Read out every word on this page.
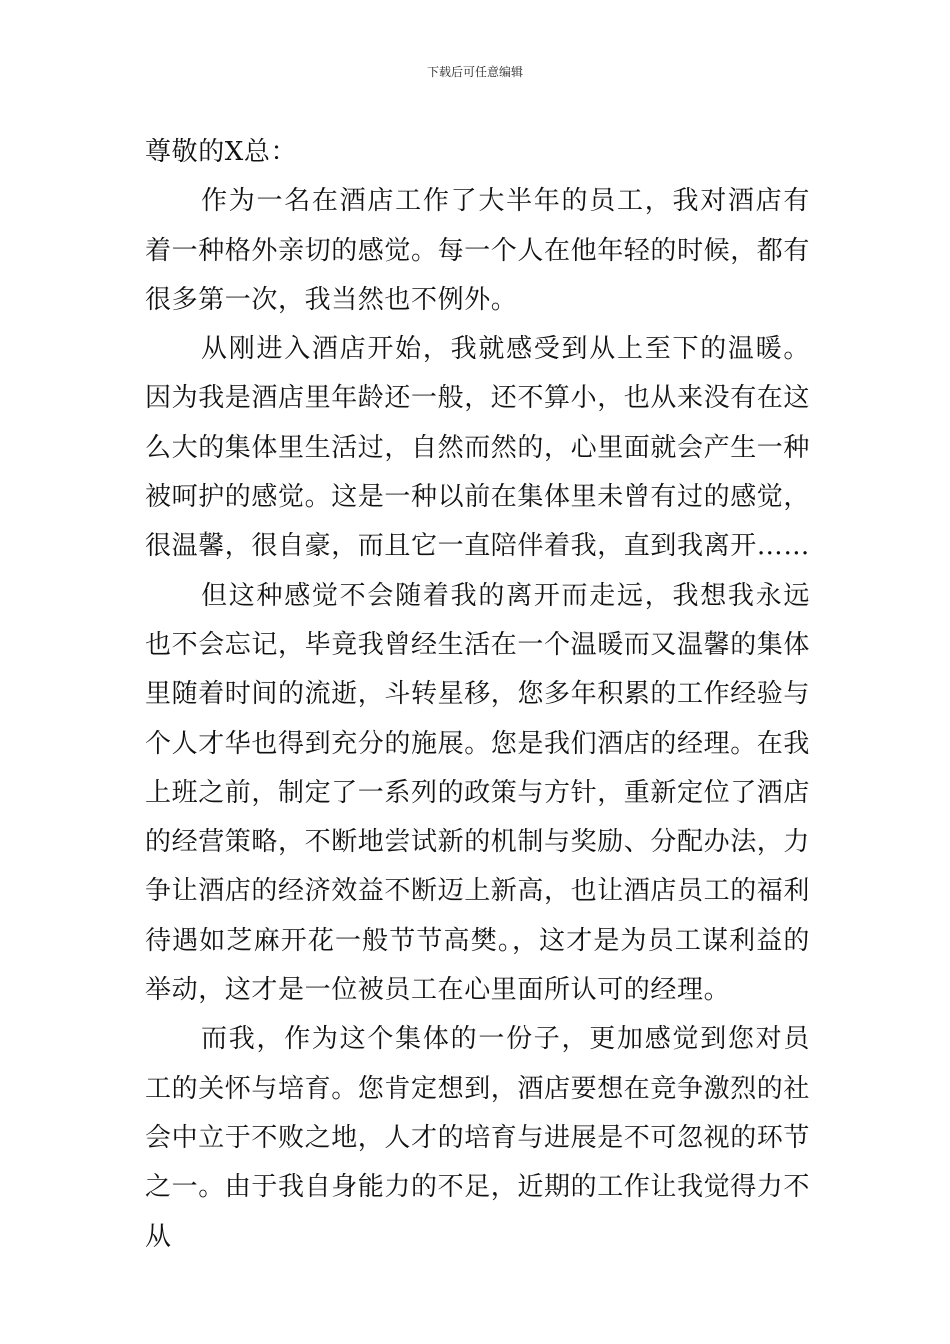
下载后可任意编辑

尊敬的X总：

作为一名在酒店工作了大半年的员工，我对酒店有着一种格外亲切的感觉。每一个人在他年轻的时候，都有很多第一次，我当然也不例外。

从刚进入酒店开始，我就感受到从上至下的温暖。因为我是酒店里年龄还一般，还不算小，也从来没有在这么大的集体里生活过，自然而然的，心里面就会产生一种被呵护的感觉。这是一种以前在集体里未曾有过的感觉，很温馨，很自豪，而且它一直陪伴着我，直到我离开……

但这种感觉不会随着我的离开而走远，我想我永远也不会忘记，毕竟我曾经生活在一个温暖而又温馨的集体里随着时间的流逝，斗转星移，您多年积累的工作经验与个人才华也得到充分的施展。您是我们酒店的经理。在我上班之前，制定了一系列的政策与方针，重新定位了酒店的经营策略，不断地尝试新的机制与奖励、分配办法，力争让酒店的经济效益不断迈上新高，也让酒店员工的福利待遇如芝麻开花一般节节高樊。，这才是为员工谋利益的举动，这才是一位被员工在心里面所认可的经理。

而我，作为这个集体的一份子，更加感觉到您对员工的关怀与培育。您肯定想到，酒店要想在竞争激烈的社会中立于不败之地，人才的培育与进展是不可忽视的环节之一。由于我自身能力的不足，近期的工作让我觉得力不从
